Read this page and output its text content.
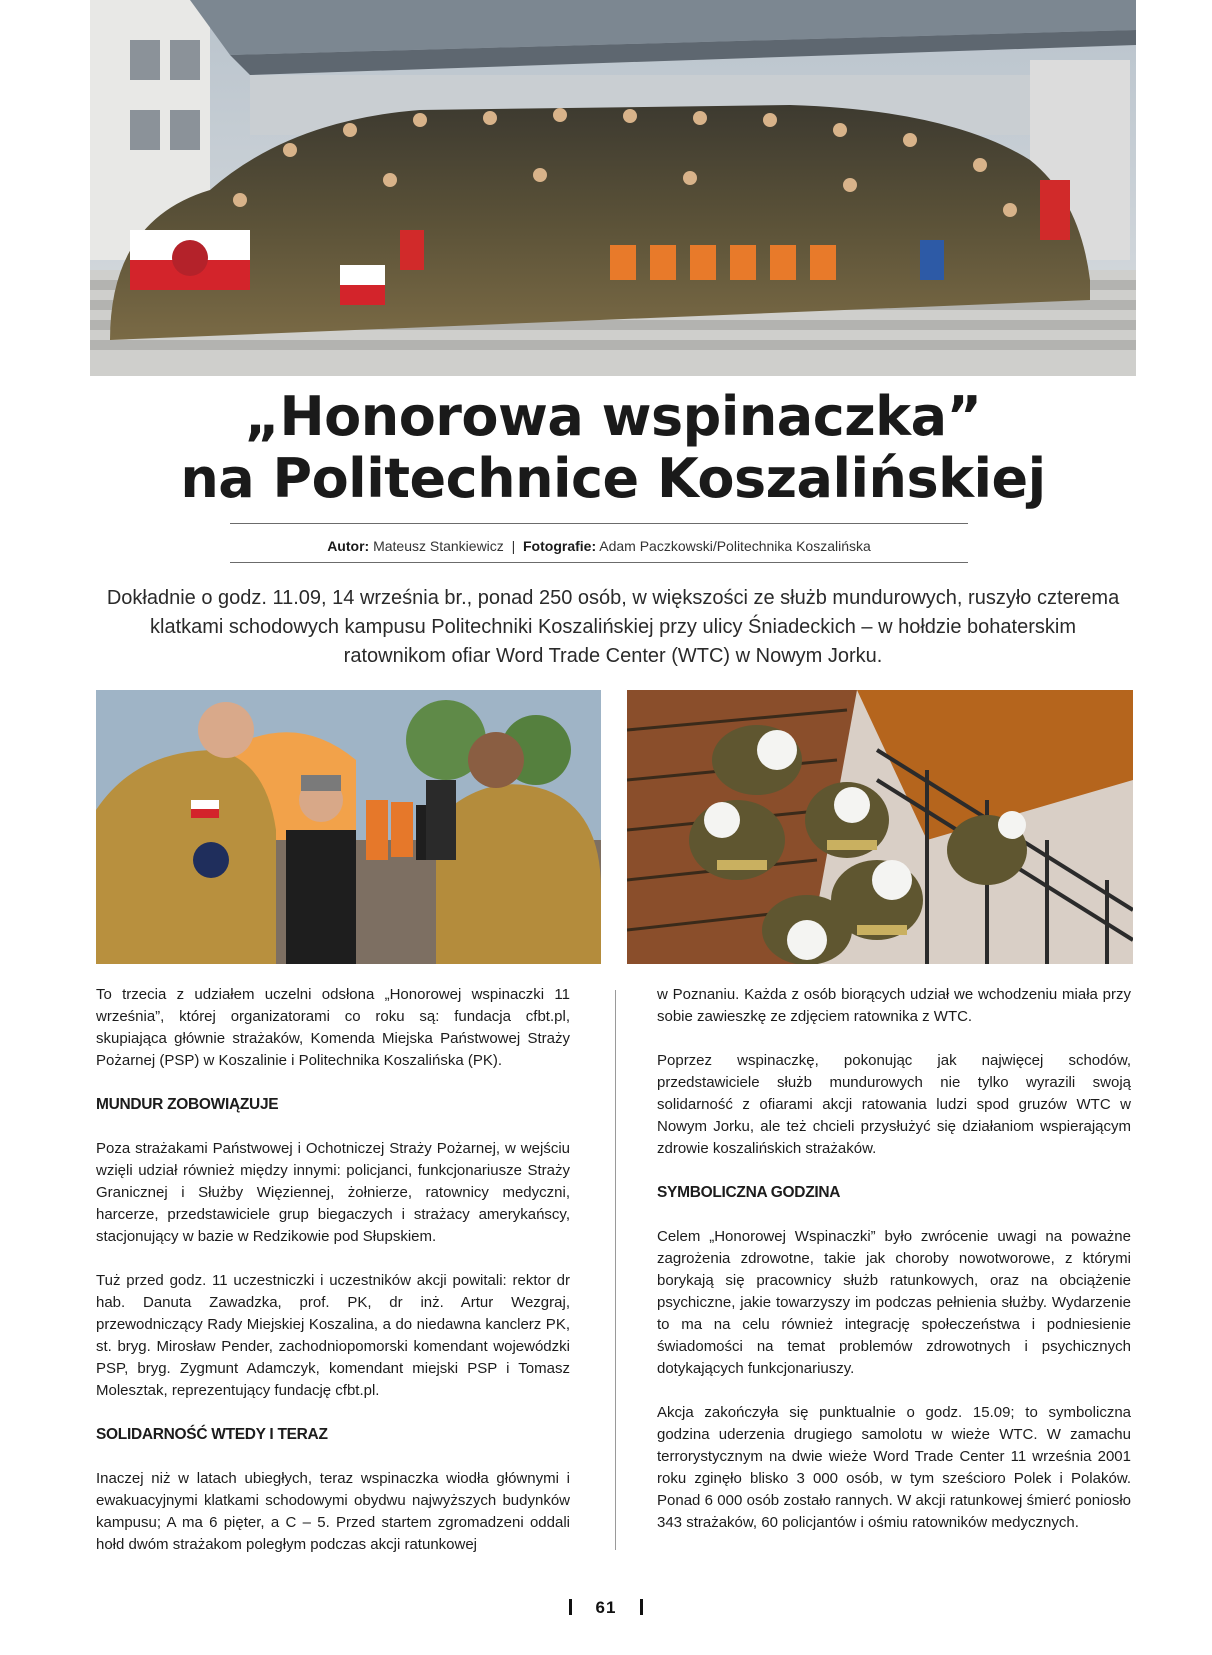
„Honorowa wspinaczka”
na Politechnice Koszalińskiej
Autor: Mateusz Stankiewicz | Fotografie: Adam Paczkowski/Politechnika Koszalińska
Dokładnie o godz. 11.09, 14 września br., ponad 250 osób, w większości ze służb mundurowych, ruszyło czterema klatkami schodowych kampusu Politechniki Koszalińskiej przy ulicy Śniadeckich – w hołdzie bohaterskim ratownikom ofiar Word Trade Center (WTC) w Nowym Jorku.

To trzecia z udziałem uczelni odsłona „Honorowej wspinaczki 11 września”, której organizatorami co roku są: fundacja cfbt.pl, skupiająca głównie strażaków, Komenda Miejska Państwowej Straży Pożarnej (PSP) w Koszalinie i Politechnika Koszalińska (PK).

MUNDUR ZOBOWIĄZUJE

Poza strażakami Państwowej i Ochotniczej Straży Pożarnej, w wejściu wzięli udział również między innymi: policjanci, funkcjonariusze Straży Granicznej i Służby Więziennej, żołnierze, ratownicy medyczni, harcerze, przedstawiciele grup biegaczych i strażacy amerykańscy, stacjonujący w bazie w Redzikowie pod Słupskiem.

Tuż przed godz. 11 uczestniczki i uczestników akcji powitali: rektor dr hab. Danuta Zawadzka, prof. PK, dr inż. Artur Wezgraj, przewodniczący Rady Miejskiej Koszalina, a do niedawna kanclerz PK, st. bryg. Mirosław Pender, zachodniopomorski komendant wojewódzki PSP, bryg. Zygmunt Adamczyk, komendant miejski PSP i Tomasz Molesztak, reprezentujący fundację cfbt.pl.

SOLIDARNOŚĆ WTEDY I TERAZ

Inaczej niż w latach ubiegłych, teraz wspinaczka wiodła głównymi i ewakuacyjnymi klatkami schodowymi obydwu najwyższych budynków kampusu; A ma 6 pięter, a C – 5. Przed startem zgromadzeni oddali hołd dwóm strażakom poległym podczas akcji ratunkowej

w Poznaniu. Każda z osób biorących udział we wchodzeniu miała przy sobie zawieszkę ze zdjęciem ratownika z WTC.

Poprzez wspinaczkę, pokonując jak najwięcej schodów, przedstawiciele służb mundurowych nie tylko wyrazili swoją solidarność z ofiarami akcji ratowania ludzi spod gruzów WTC w Nowym Jorku, ale też chcieli przysłużyć się działaniom wspierającym zdrowie koszalińskich strażaków.

SYMBOLICZNA GODZINA

Celem „Honorowej Wspinaczki” było zwrócenie uwagi na poważne zagrożenia zdrowotne, takie jak choroby nowotworowe, z którymi borykają się pracownicy służb ratunkowych, oraz na obciążenie psychiczne, jakie towarzyszy im podczas pełnienia służby. Wydarzenie to ma na celu również integrację społeczeństwa i podniesienie świadomości na temat problemów zdrowotnych i psychicznych dotykających funkcjonariuszy.

Akcja zakończyła się punktualnie o godz. 15.09; to symboliczna godzina uderzenia drugiego samolotu w wieże WTC. W zamachu terrorystycznym na dwie wieże Word Trade Center 11 września 2001 roku zginęło blisko 3 000 osób, w tym sześcioro Polek i Polaków. Ponad 6 000 osób zostało rannych. W akcji ratunkowej śmierć poniosło 343 strażaków, 60 policjantów i ośmiu ratowników medycznych.

61
